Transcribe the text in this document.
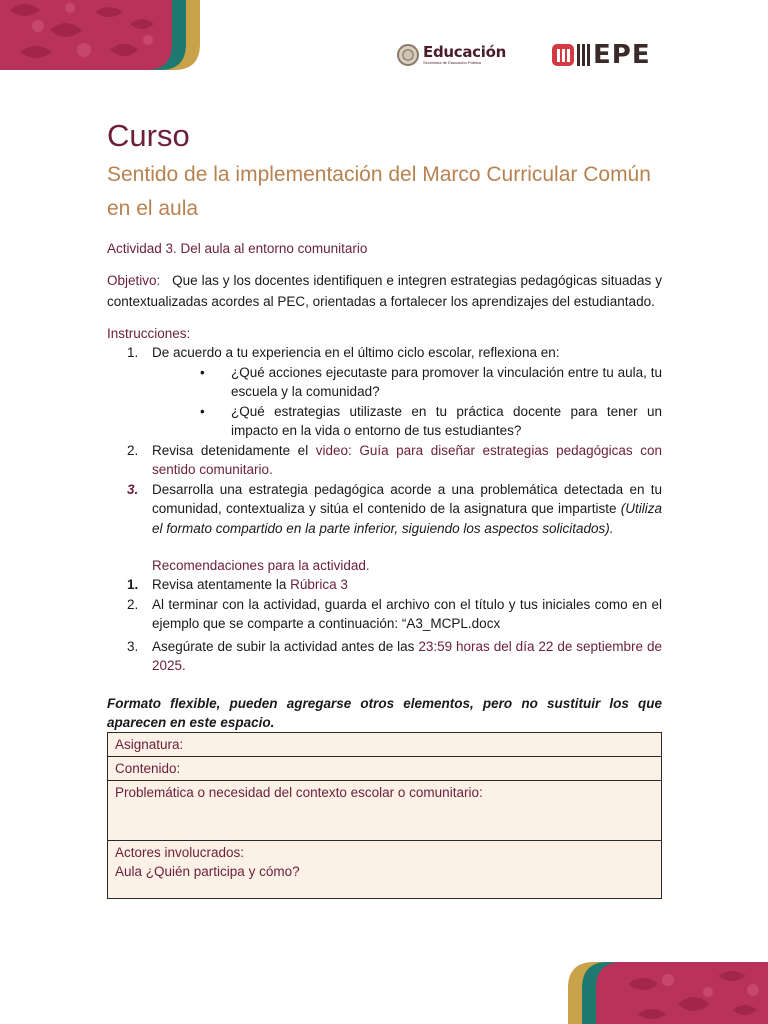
Educación
Secretaría de Educación Pública	EPE
Curso
Sentido de la implementación del Marco Curricular Común en el aula
Actividad 3. Del aula al entorno comunitario

Objetivo: Que las y los docentes identifiquen e integren estrategias pedagógicas situadas y contextualizadas acordes al PEC, orientadas a fortalecer los aprendizajes del estudiantado.

Instrucciones:
1. De acuerdo a tu experiencia en el último ciclo escolar, reflexiona en:
• ¿Qué acciones ejecutaste para promover la vinculación entre tu aula, tu escuela y la comunidad?
• ¿Qué estrategias utilizaste en tu práctica docente para tener un impacto en la vida o entorno de tus estudiantes?
2. Revisa detenidamente el video: Guía para diseñar estrategias pedagógicas con sentido comunitario.
3. Desarrolla una estrategia pedagógica acorde a una problemática detectada en tu comunidad, contextualiza y sitúa el contenido de la asignatura que impartiste (Utiliza el formato compartido en la parte inferior, siguiendo los aspectos solicitados).
Recomendaciones para la actividad.
1. Revisa atentamente la Rúbrica 3
2. Al terminar con la actividad, guarda el archivo con el título y tus iniciales como en el ejemplo que se comparte a continuación: “A3_MCPL.docx
3. Asegúrate de subir la actividad antes de las 23:59 horas del día 22 de septiembre de 2025.

Formato flexible, pueden agregarse otros elementos, pero no sustituir los que aparecen en este espacio.

Asignatura:
Contenido:
Problemática o necesidad del contexto escolar o comunitario:

Actores involucrados:
Aula ¿Quién participa y cómo?
